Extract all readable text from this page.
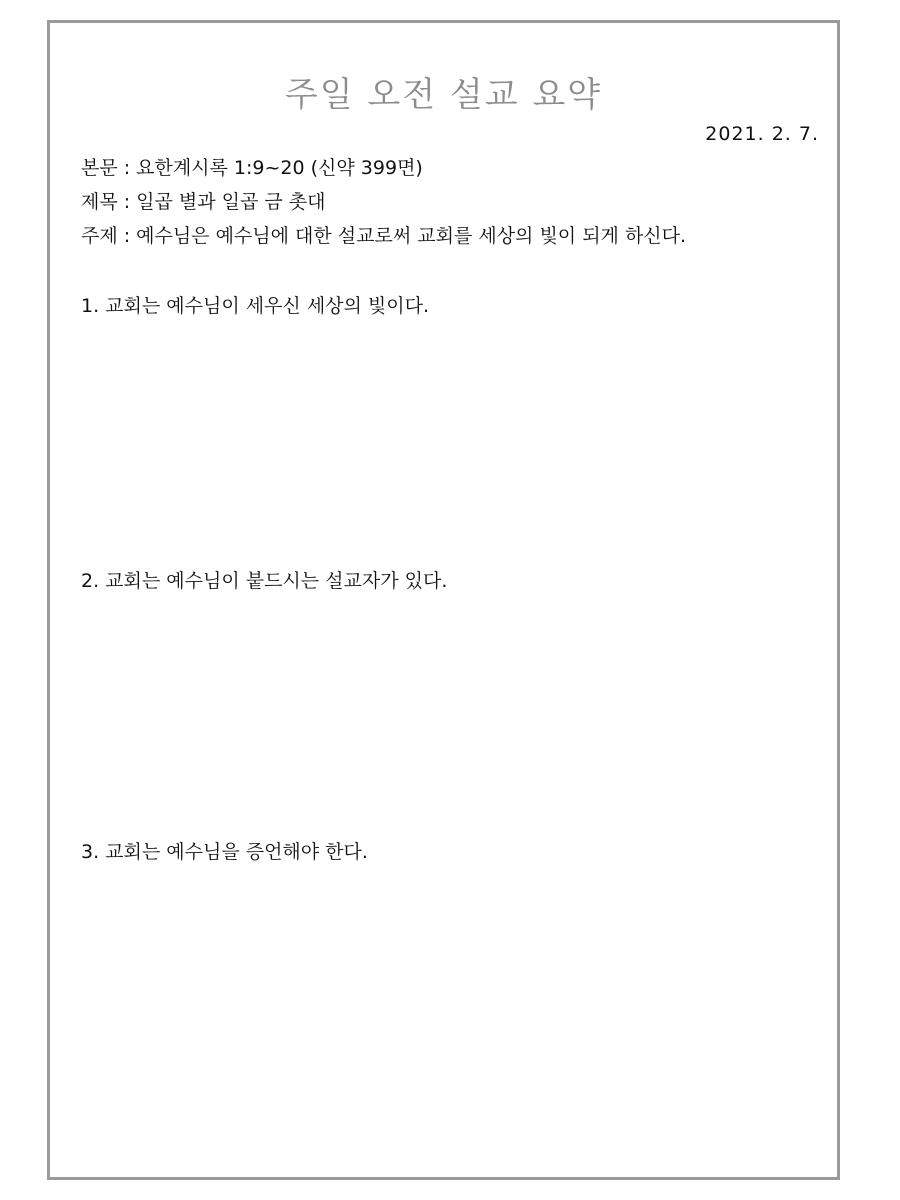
주일 오전 설교 요약
2021. 2. 7.
본문 : 요한계시록 1:9~20 (신약 399면)
제목 : 일곱 별과 일곱 금 촛대
주제 : 예수님은 예수님에 대한 설교로써 교회를 세상의 빛이 되게 하신다.
1. 교회는 예수님이 세우신 세상의 빛이다.
2. 교회는 예수님이 붙드시는 설교자가 있다.
3. 교회는 예수님을 증언해야 한다.
